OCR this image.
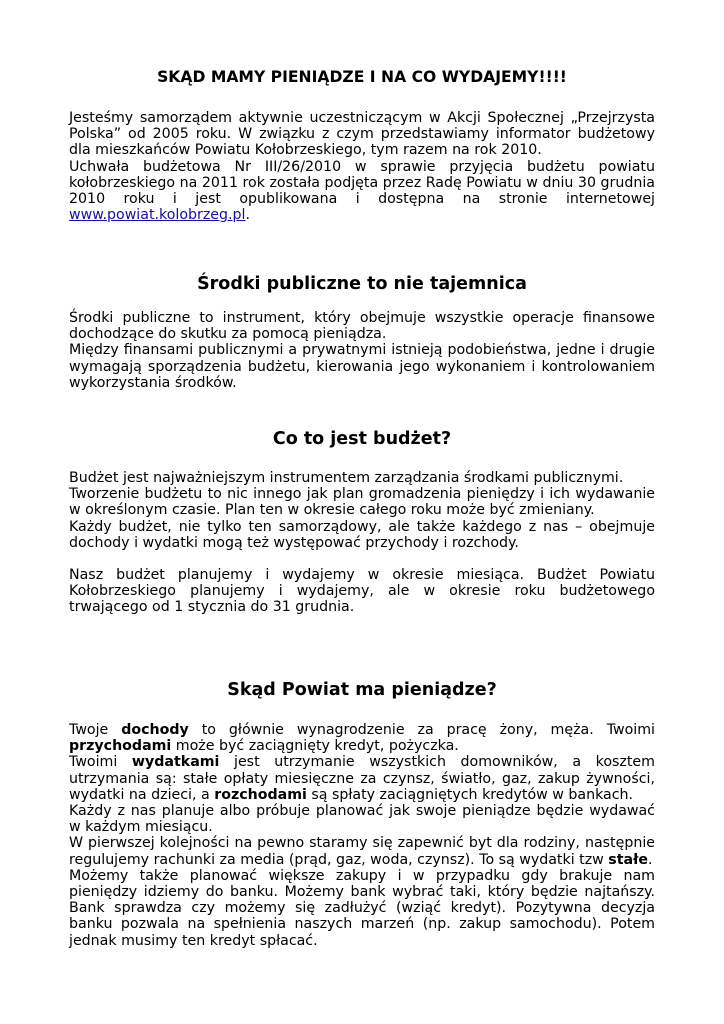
SKĄD MAMY PIENIĄDZE I NA CO WYDAJEMY!!!!

Jesteśmy samorządem aktywnie uczestniczącym w Akcji Społecznej „Przejrzysta Polska” od 2005 roku. W związku z czym przedstawiamy informator budżetowy dla mieszkańców Powiatu Kołobrzeskiego, tym razem na rok 2010.

Uchwała budżetowa Nr III/26/2010 w sprawie przyjęcia budżetu powiatu kołobrzeskiego na 2011 rok została podjęta przez Radę Powiatu w dniu 30 grudnia 2010 roku i jest opublikowana i dostępna na stronie internetowej www.powiat.kolobrzeg.pl.

Środki publiczne to nie tajemnica

Środki publiczne to instrument, który obejmuje wszystkie operacje finansowe dochodzące do skutku za pomocą pieniądza.

Między finansami publicznymi a prywatnymi istnieją podobieństwa, jedne i drugie wymagają sporządzenia budżetu, kierowania jego wykonaniem i kontrolowaniem wykorzystania środków.

Co to jest budżet?

Budżet jest najważniejszym instrumentem zarządzania środkami publicznymi.

Tworzenie budżetu to nic innego jak plan gromadzenia pieniędzy i ich wydawanie w określonym czasie. Plan ten w okresie całego roku może być zmieniany.

Każdy budżet, nie tylko ten samorządowy, ale także każdego z nas – obejmuje dochody i wydatki mogą też występować przychody i rozchody.

Nasz budżet planujemy i wydajemy w okresie miesiąca. Budżet Powiatu Kołobrzeskiego planujemy i wydajemy, ale w okresie roku budżetowego trwającego od 1 stycznia do 31 grudnia.

Skąd Powiat ma pieniądze?

Twoje dochody to głównie wynagrodzenie za pracę żony, męża. Twoimi przychodami może być zaciągnięty kredyt, pożyczka.

Twoimi wydatkami jest utrzymanie wszystkich domowników, a kosztem utrzymania są: stałe opłaty miesięczne za czynsz, światło, gaz, zakup żywności, wydatki na dzieci, a rozchodami są spłaty zaciągniętych kredytów w bankach.

Każdy z nas planuje albo próbuje planować jak swoje pieniądze będzie wydawać w każdym miesiącu.

W pierwszej kolejności na pewno staramy się zapewnić byt dla rodziny, następnie regulujemy rachunki za media (prąd, gaz, woda, czynsz). To są wydatki tzw stałe.

Możemy także planować większe zakupy i w przypadku gdy brakuje nam pieniędzy idziemy do banku. Możemy bank wybrać taki, który będzie najtańszy. Bank sprawdza czy możemy się zadłużyć (wziąć kredyt). Pozytywna decyzja banku pozwala na spełnienia naszych marzeń (np. zakup samochodu). Potem jednak musimy ten kredyt spłacać.
